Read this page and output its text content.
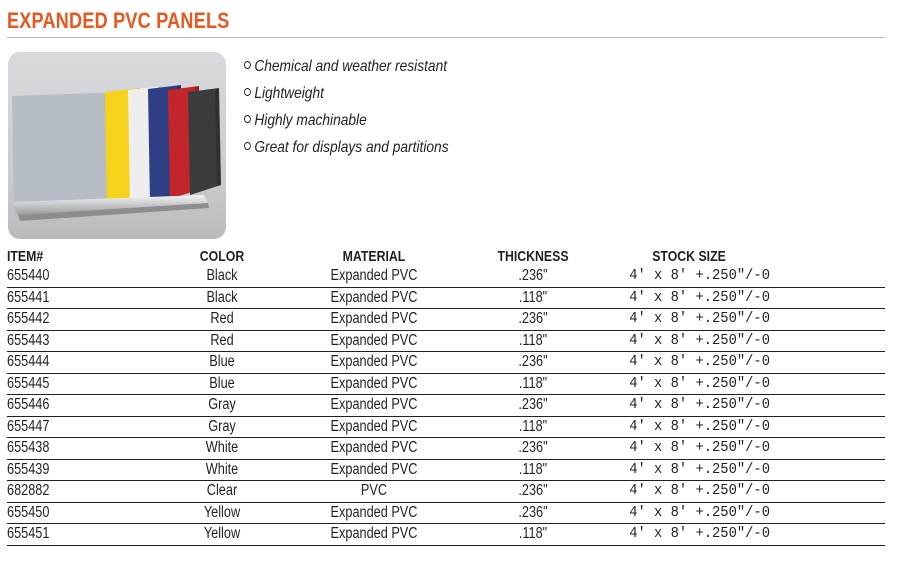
EXPANDED PVC PANELS
Chemical and weather resistant
Lightweight
Highly machinable
Great for displays and partitions
ITEM#	COLOR	MATERIAL	THICKNESS	STOCK SIZE
655440	Black	Expanded PVC	.236"	4' x 8' +.250"/-0
655441	Black	Expanded PVC	.118"	4' x 8' +.250"/-0
655442	Red	Expanded PVC	.236"	4' x 8' +.250"/-0
655443	Red	Expanded PVC	.118"	4' x 8' +.250"/-0
655444	Blue	Expanded PVC	.236"	4' x 8' +.250"/-0
655445	Blue	Expanded PVC	.118"	4' x 8' +.250"/-0
655446	Gray	Expanded PVC	.236"	4' x 8' +.250"/-0
655447	Gray	Expanded PVC	.118"	4' x 8' +.250"/-0
655438	White	Expanded PVC	.236"	4' x 8' +.250"/-0
655439	White	Expanded PVC	.118"	4' x 8' +.250"/-0
682882	Clear	PVC	.236"	4' x 8' +.250"/-0
655450	Yellow	Expanded PVC	.236"	4' x 8' +.250"/-0
655451	Yellow	Expanded PVC	.118"	4' x 8' +.250"/-0
